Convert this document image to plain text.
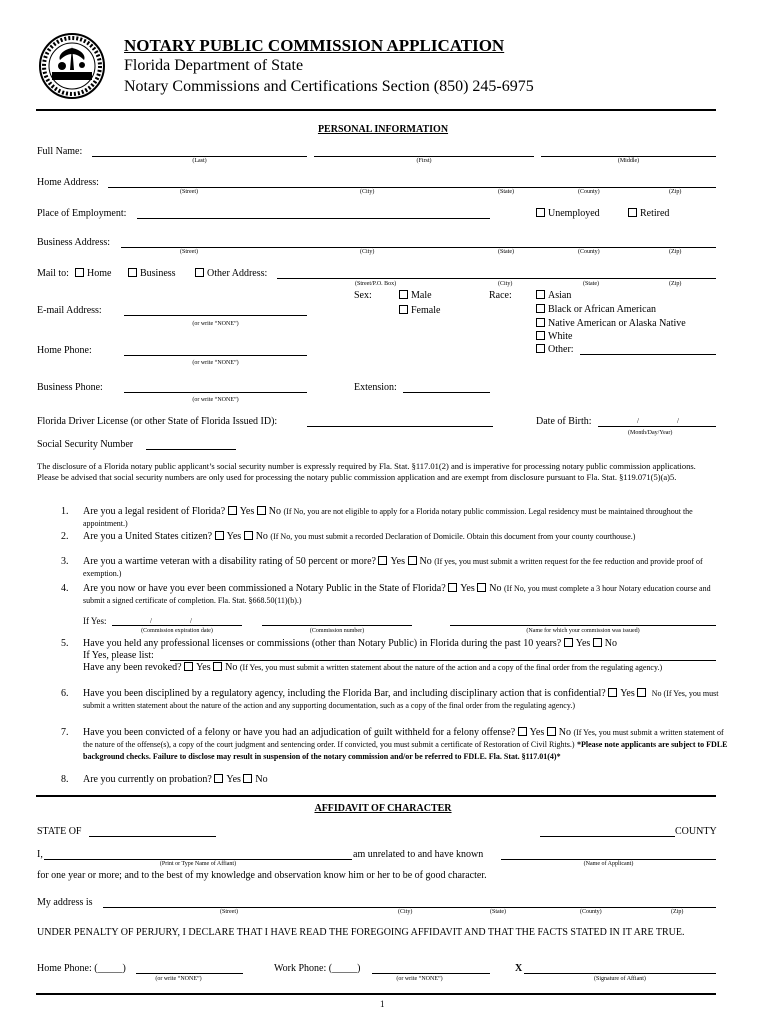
NOTARY PUBLIC COMMISSION APPLICATION
Florida Department of State
Notary Commissions and Certifications Section (850) 245-6975
PERSONAL INFORMATION
Full Name:
(Last)	(First)	(Middle)
Home Address:
(Street)	(City)	(State)	(County)	(Zip)
Place of Employment:	Unemployed	Retired
Business Address:
(Street)	(City)	(State)	(County)	(Zip)
Mail to:	Home	Business	Other Address:
(Street/P.O. Box)	(City)	(State)	(Zip)
Sex:	Male
Female
Race:	Asian
Black or African American
Native American or Alaska Native
White
Other:
E-mail Address:
(or write “NONE”)
Home Phone:
(or write “NONE”)
Business Phone:
(or write “NONE”)
Extension:
Florida Driver License (or other State of Florida Issued ID):	Date of Birth:	/	/
(Month/Day/Year)
Social Security Number
The disclosure of a Florida notary public applicant’s social security number is expressly required by Fla. Stat. §117.01(2) and is imperative for processing notary public commission applications. Please be advised that social security numbers are only used for processing the notary public commission application and are exempt from disclosure pursuant to Fla. Stat. §119.071(5)(a)5.
1. Are you a legal resident of Florida? Yes No (If No, you are not eligible to apply for a Florida notary public commission. Legal residency must be maintained throughout the appointment.)
2. Are you a United States citizen? Yes No (If No, you must submit a recorded Declaration of Domicile. Obtain this document from your county courthouse.)
3. Are you a wartime veteran with a disability rating of 50 percent or more? Yes No (If yes, you must submit a written request for the fee reduction and provide proof of exemption.)
4. Are you now or have you ever been commissioned a Notary Public in the State of Florida? Yes No (If No, you must complete a 3 hour Notary education course and submit a signed certificate of completion. Fla. Stat. §668.50(11)(b).)
If Yes:	/	/
(Commission expiration date)	(Commission number)	(Name for which your commission was issued)
5. Have you held any professional licenses or commissions (other than Notary Public) in Florida during the past 10 years? Yes No
If Yes, please list:
Have any been revoked? Yes No (If Yes, you must submit a written statement about the nature of the action and a copy of the final order from the regulating agency.)
6. Have you been disciplined by a regulatory agency, including the Florida Bar, and including disciplinary action that is confidential? Yes No (If Yes, you must submit a written statement about the nature of the action and any supporting documentation, such as a copy of the final order from the regulating agency.)
7. Have you been convicted of a felony or have you had an adjudication of guilt withheld for a felony offense? Yes No (If Yes, you must submit a written statement of the nature of the offense(s), a copy of the court judgment and sentencing order. If convicted, you must submit a certificate of Restoration of Civil Rights.) *Please note applicants are subject to FDLE background checks. Failure to disclose may result in suspension of the notary commission and/or be referred to FDLE. Fla. Stat. §117.01(4)*
8. Are you currently on probation? Yes No
AFFIDAVIT OF CHARACTER
STATE OF	COUNTY
I,	am unrelated to and have known
(Print or Type Name of Affiant)	(Name of Applicant)
for one year or more; and to the best of my knowledge and observation know him or her to be of good character.
My address is
(Street)	(City)	(State)	(County)	(Zip)
UNDER PENALTY OF PERJURY, I DECLARE THAT I HAVE READ THE FOREGOING AFFIDAVIT AND THAT THE FACTS STATED IN IT ARE TRUE.
Home Phone: (_____)
(or write “NONE”)
Work Phone: (_____)
(or write “NONE”)
X
(Signature of Affiant)
1
